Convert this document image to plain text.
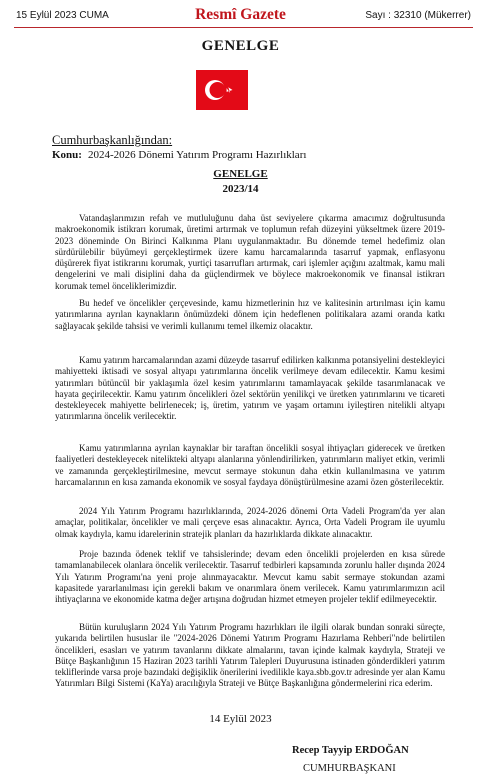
15 Eylül 2023 CUMA	Resmî Gazete	Sayı : 32310 (Mükerrer)
GENELGE
Cumhurbaşkanlığından:
Konu: 2024-2026 Dönemi Yatırım Programı Hazırlıkları
GENELGE
2023/14

Vatandaşlarımızın refah ve mutluluğunu daha üst seviyelere çıkarma amacımız doğrultusunda makroekonomik istikrarı korumak, üretimi artırmak ve toplumun refah düzeyini yükseltmek üzere 2019-2023 döneminde On Birinci Kalkınma Planı uygulanmaktadır. Bu dönemde temel hedefimiz olan sürdürülebilir büyümeyi gerçekleştirmek üzere kamu harcamalarında tasarruf yapmak, enflasyonu düşürerek fiyat istikrarını korumak, yurtiçi tasarrufları artırmak, cari işlemler açığını azaltmak, kamu mali dengelerini ve mali disiplini daha da güçlendirmek ve böylece makroekonomik ve finansal istikrarı korumak temel önceliklerimizdir.

Bu hedef ve öncelikler çerçevesinde, kamu hizmetlerinin hız ve kalitesinin artırılması için kamu yatırımlarına ayrılan kaynakların önümüzdeki dönem için hedeflenen politikalara azami oranda katkı sağlayacak şekilde tahsisi ve verimli kullanımı temel ilkemiz olacaktır.

Kamu yatırım harcamalarından azami düzeyde tasarruf edilirken kalkınma potansiyelini destekleyici mahiyetteki iktisadi ve sosyal altyapı yatırımlarına öncelik verilmeye devam edilecektir. Kamu kesimi yatırımları bütüncül bir yaklaşımla özel kesim yatırımlarını tamamlayacak şekilde tasarımlanacak ve hayata geçirilecektir. Kamu yatırım öncelikleri özel sektörün yenilikçi ve üretken yatırımlarını ve ticareti destekleyecek mahiyette belirlenecek; iş, üretim, yatırım ve yaşam ortamını iyileştiren nitelikli altyapı yatırımlarına öncelik verilecektir.

Kamu yatırımlarına ayrılan kaynaklar bir taraftan öncelikli sosyal ihtiyaçları giderecek ve üretken faaliyetleri destekleyecek nitelikteki altyapı alanlarına yönlendirilirken, yatırımların maliyet etkin, verimli ve zamanında gerçekleştirilmesine, mevcut sermaye stokunun daha etkin kullanılmasına ve yatırım harcamalarının en kısa zamanda ekonomik ve sosyal faydaya dönüştürülmesine azami özen gösterilecektir.

2024 Yılı Yatırım Programı hazırlıklarında, 2024-2026 dönemi Orta Vadeli Program'da yer alan amaçlar, politikalar, öncelikler ve mali çerçeve esas alınacaktır. Ayrıca, Orta Vadeli Program ile uyumlu olmak kaydıyla, kamu idarelerinin stratejik planları da hazırlıklarda dikkate alınacaktır.

Proje bazında ödenek teklif ve tahsislerinde; devam eden öncelikli projelerden en kısa sürede tamamlanabilecek olanlara öncelik verilecektir. Tasarruf tedbirleri kapsamında zorunlu haller dışında 2024 Yılı Yatırım Programı'na yeni proje alınmayacaktır. Mevcut kamu sabit sermaye stokundan azami kapasitede yararlanılması için gerekli bakım ve onarımlara önem verilecek. Kamu yatırımlarımızın acil ihtiyaçlarına ve ekonomide katma değer artışına doğrudan hizmet etmeyen projeler teklif edilmeyecektir.

Bütün kuruluşların 2024 Yılı Yatırım Programı hazırlıkları ile ilgili olarak bundan sonraki süreçte, yukarıda belirtilen hususlar ile "2024-2026 Dönemi Yatırım Programı Hazırlama Rehberi"nde belirtilen öncelikleri, esasları ve yatırım tavanlarını dikkate almalarını, tavan içinde kalmak kaydıyla, Strateji ve Bütçe Başkanlığının 15 Haziran 2023 tarihli Yatırım Talepleri Duyurusuna istinaden gönderdikleri yatırım tekliflerinde varsa proje bazındaki değişiklik önerilerini ivedilikle kaya.sbb.gov.tr adresinde yer alan Kamu Yatırımları Bilgi Sistemi (KaYa) aracılığıyla Strateji ve Bütçe Başkanlığına göndermelerini rica ederim.

14 Eylül 2023
Recep Tayyip ERDOĞAN
CUMHURBAŞKANI
